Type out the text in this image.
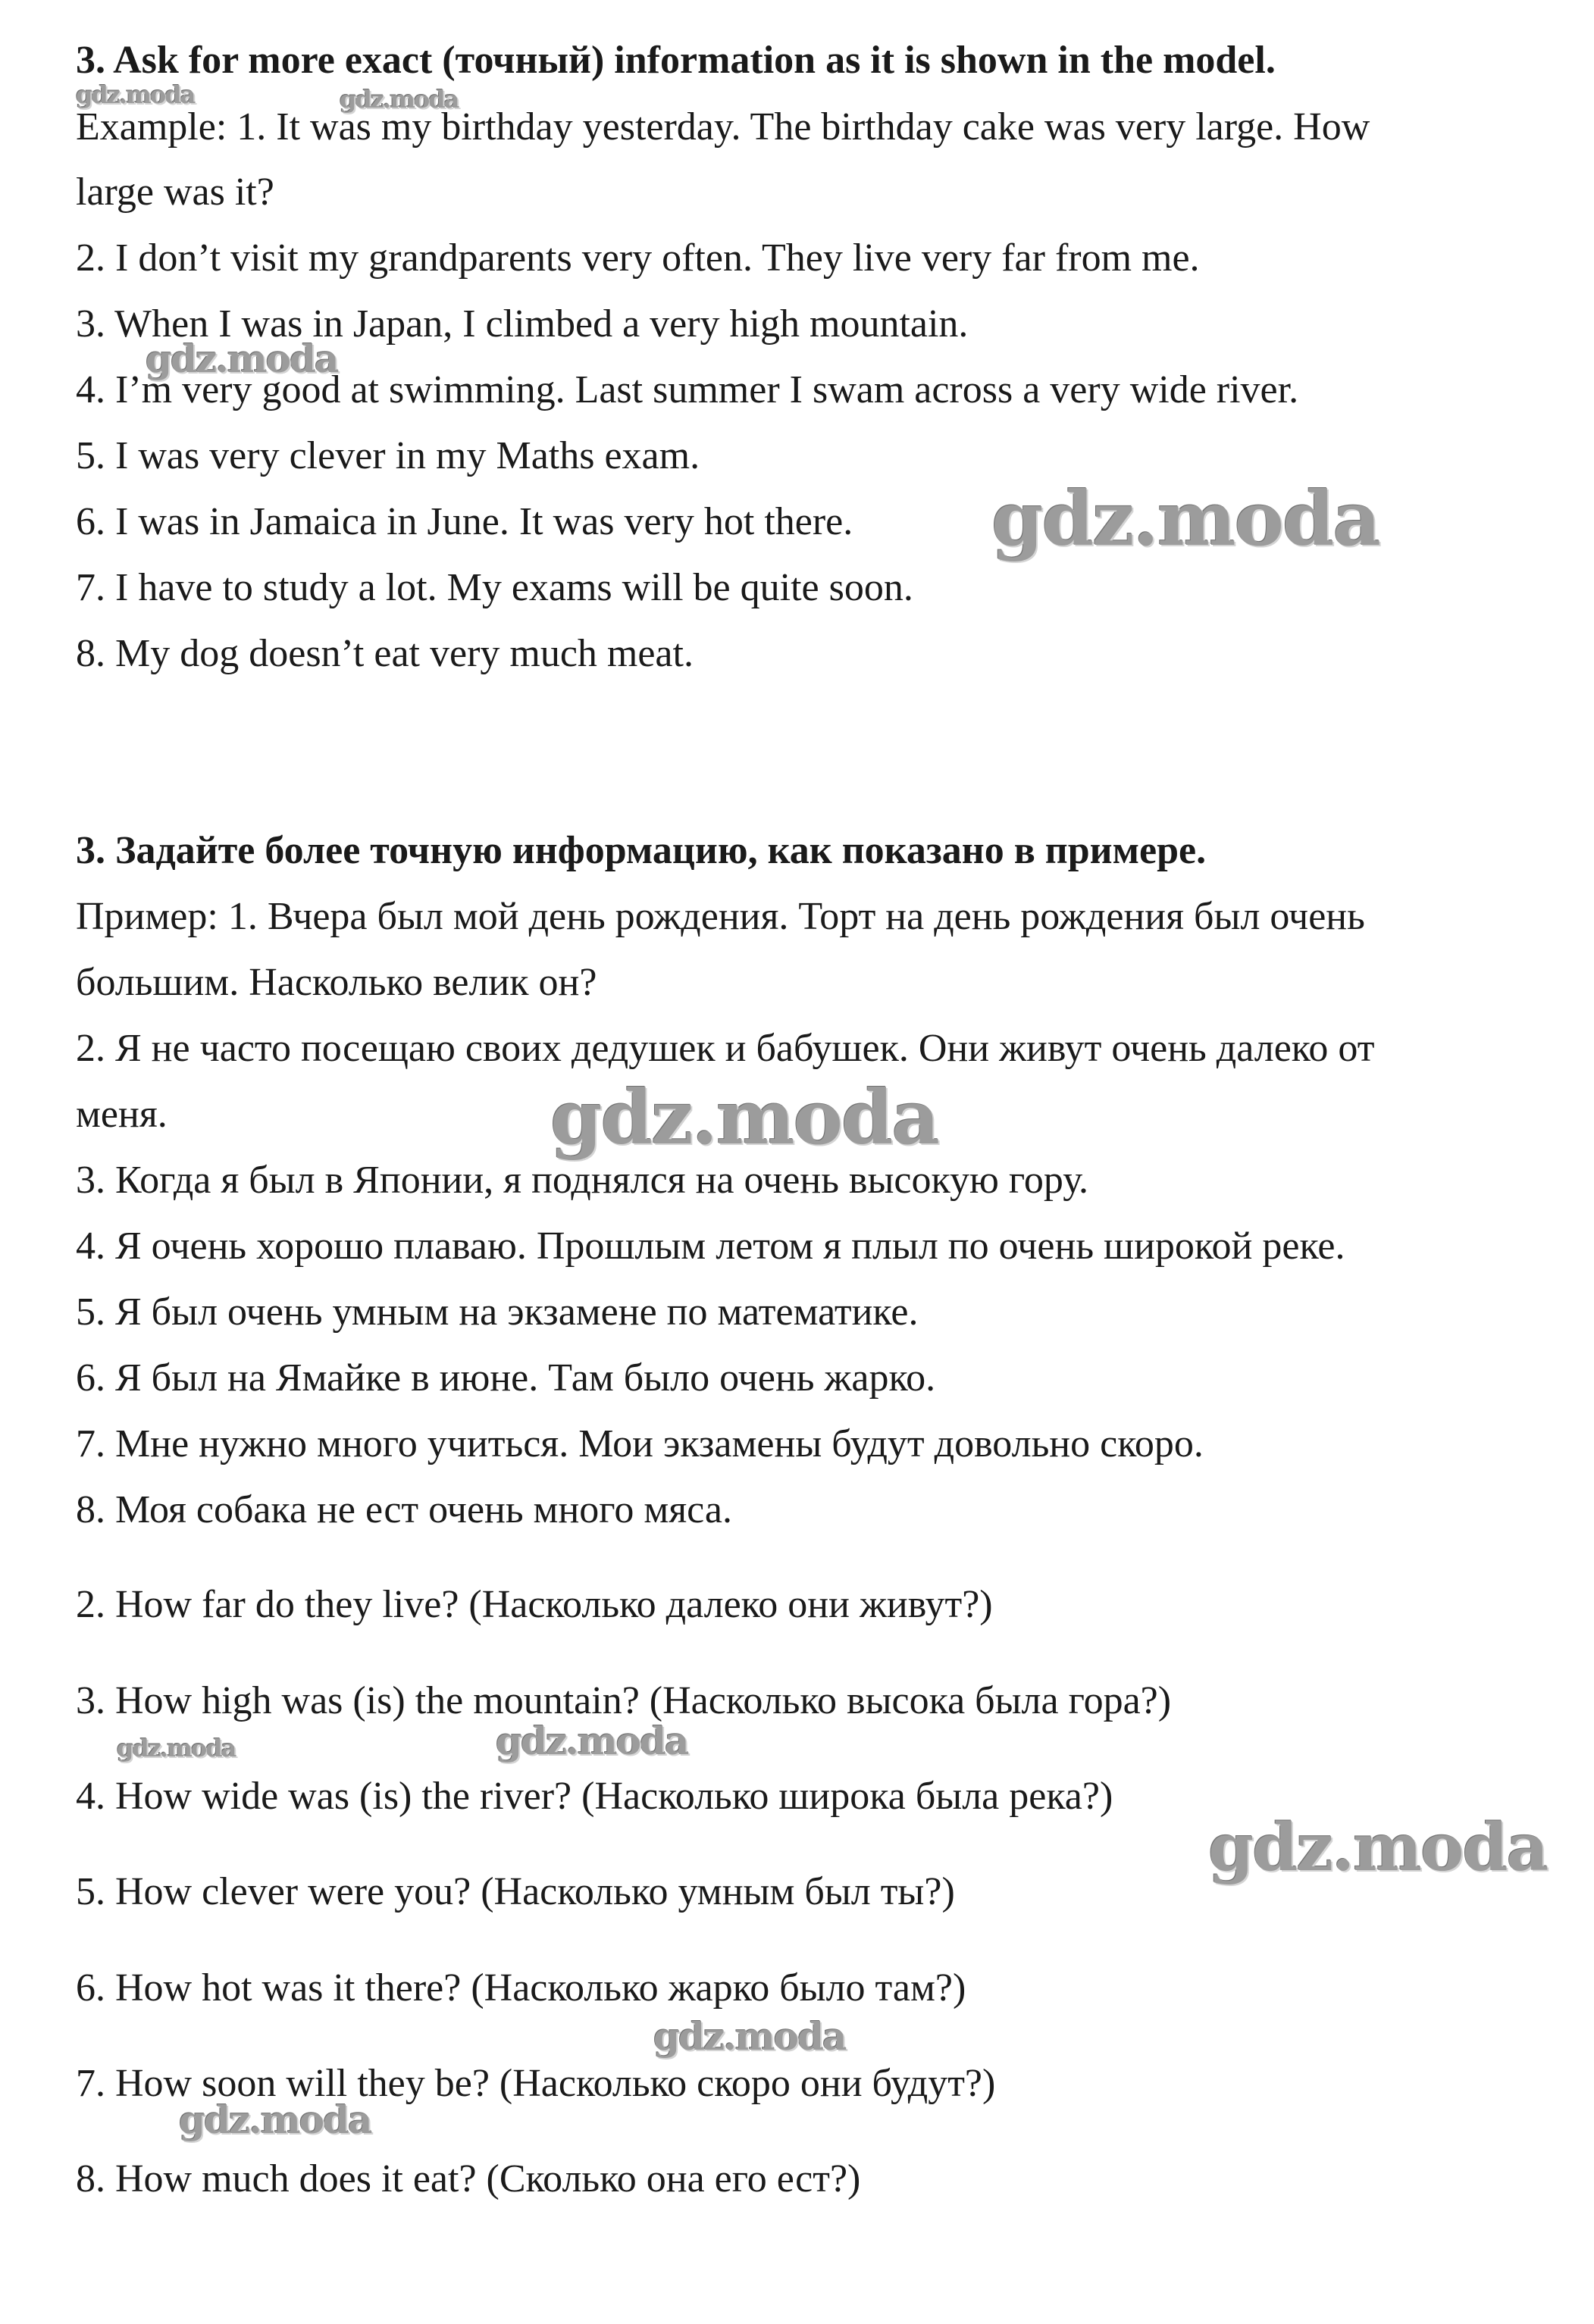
3. Ask for more exact (точный) information as it is shown in the model.
Example: 1. It was my birthday yesterday. The birthday cake was very large. How
large was it?
2. I don’t visit my grandparents very often. They live very far from me.
3. When I was in Japan, I climbed a very high mountain.
4. I’m very good at swimming. Last summer I swam across a very wide river.
5. I was very clever in my Maths exam.
6. I was in Jamaica in June. It was very hot there.
7. I have to study a lot. My exams will be quite soon.
8. My dog doesn’t eat very much meat.
3. Задайте более точную информацию, как показано в примере.
Пример: 1. Вчера был мой день рождения. Торт на день рождения был очень
большим. Насколько велик он?
2. Я не часто посещаю своих дедушек и бабушек. Они живут очень далеко от
меня.
3. Когда я был в Японии, я поднялся на очень высокую гору.
4. Я очень хорошо плаваю. Прошлым летом я плыл по очень широкой реке.
5. Я был очень умным на экзамене по математике.
6. Я был на Ямайке в июне. Там было очень жарко.
7. Мне нужно много учиться. Мои экзамены будут довольно скоро.
8. Моя собака не ест очень много мяса.
2. How far do they live? (Насколько далеко они живут?)
3. How high was (is) the mountain? (Насколько высока была гора?)
4. How wide was (is) the river? (Насколько широка была река?)
5. How clever were you? (Насколько умным был ты?)
6. How hot was it there? (Насколько жарко было там?)
7. How soon will they be? (Насколько скоро они будут?)
8. How much does it eat? (Сколько она его ест?)
gdz.moda	gdz.moda
gdz.moda
gdz.moda
gdz.moda
gdz.moda	gdz.moda
gdz.moda
gdz.moda
gdz.moda
